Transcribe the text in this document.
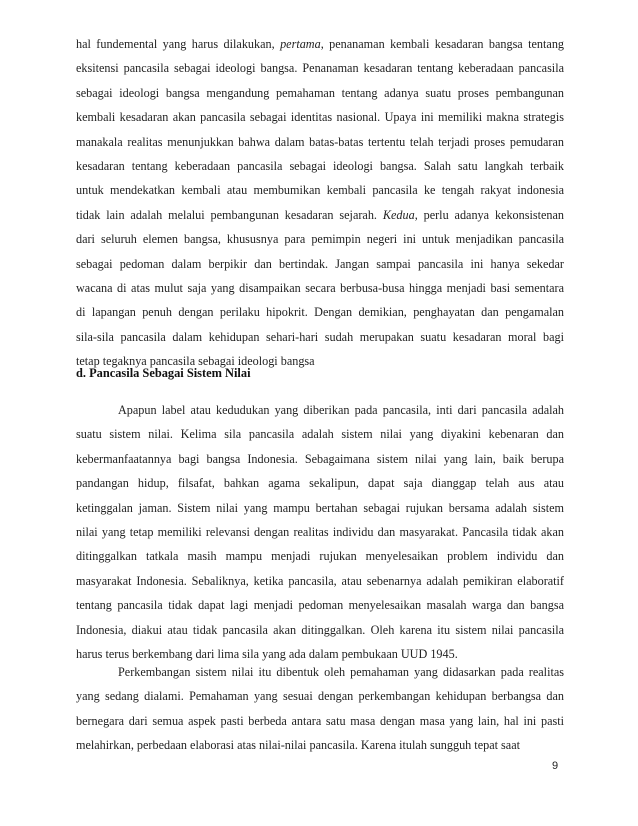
hal fundemental yang harus dilakukan, pertama, penanaman kembali kesadaran bangsa tentang
eksitensi pancasila sebagai ideologi bangsa. Penanaman kesadaran tentang keberadaan pancasila
sebagai ideologi bangsa mengandung pemahaman tentang adanya suatu proses pembangunan
kembali kesadaran akan pancasila sebagai identitas nasional. Upaya ini memiliki makna strategis
manakala realitas menunjukkan bahwa dalam batas-batas tertentu telah terjadi proses pemudaran
kesadaran tentang keberadaan pancasila sebagai ideologi bangsa. Salah satu langkah terbaik
untuk mendekatkan kembali atau membumikan kembali pancasila ke tengah rakyat indonesia
tidak lain adalah melalui pembangunan kesadaran sejarah. Kedua, perlu adanya kekonsistenan
dari seluruh elemen bangsa, khususnya para pemimpin negeri ini untuk menjadikan pancasila
sebagai pedoman dalam berpikir dan bertindak. Jangan sampai pancasila ini hanya sekedar
wacana di atas mulut saja yang disampaikan secara berbusa-busa hingga menjadi basi sementara
di lapangan penuh dengan perilaku hipokrit. Dengan demikian, penghayatan dan pengamalan
sila-sila pancasila dalam kehidupan sehari-hari sudah merupakan suatu kesadaran moral bagi
tetap tegaknya pancasila sebagai ideologi bangsa
d. Pancasila Sebagai Sistem Nilai
Apapun label atau kedudukan yang diberikan pada pancasila, inti dari pancasila adalah
suatu sistem nilai. Kelima sila pancasila adalah sistem nilai yang diyakini kebenaran dan
kebermanfaatannya bagi bangsa Indonesia. Sebagaimana sistem nilai yang lain, baik berupa
pandangan hidup, filsafat, bahkan agama sekalipun, dapat saja dianggap telah aus atau
ketinggalan jaman. Sistem nilai yang mampu bertahan sebagai rujukan bersama adalah sistem
nilai yang tetap memiliki relevansi dengan realitas individu dan masyarakat. Pancasila tidak akan
ditinggalkan tatkala masih mampu menjadi rujukan menyelesaikan problem individu dan
masyarakat Indonesia. Sebaliknya, ketika pancasila, atau sebenarnya adalah pemikiran elaboratif
tentang pancasila tidak dapat lagi menjadi pedoman menyelesaikan masalah warga dan bangsa
Indonesia, diakui atau tidak pancasila akan ditinggalkan. Oleh karena itu sistem nilai pancasila
harus terus berkembang dari lima sila yang ada dalam pembukaan UUD 1945.
Perkembangan sistem nilai itu dibentuk oleh pemahaman yang didasarkan pada realitas
yang sedang dialami. Pemahaman yang sesuai dengan perkembangan kehidupan berbangsa dan
bernegara dari semua aspek pasti berbeda antara satu masa dengan masa yang lain, hal ini pasti
melahirkan, perbedaan elaborasi atas nilai-nilai pancasila. Karena itulah sungguh tepat saat
9
